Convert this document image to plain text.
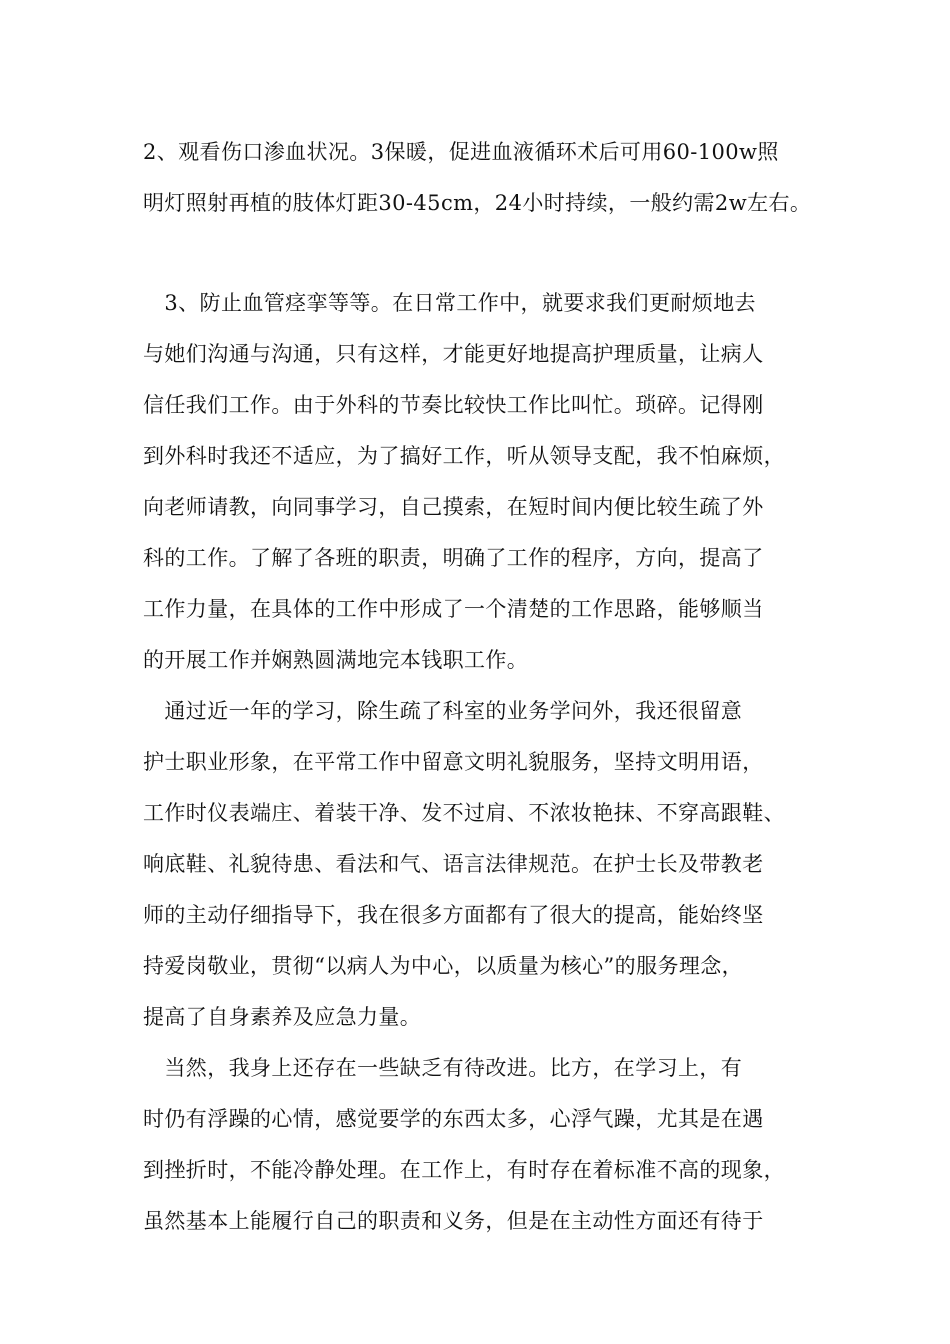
2、观看伤口渗血状况。3保暖，促进血液循环术后可用60-100w照
明灯照射再植的肢体灯距30-45cm，24小时持续，一般约需2w左右。
　3、防止血管痉挛等等。在日常工作中，就要求我们更耐烦地去
与她们沟通与沟通，只有这样，才能更好地提高护理质量，让病人
信任我们工作。由于外科的节奏比较快工作比叫忙。琐碎。记得刚
到外科时我还不适应，为了搞好工作，听从领导支配，我不怕麻烦，
向老师请教，向同事学习，自己摸索，在短时间内便比较生疏了外
科的工作。了解了各班的职责，明确了工作的程序，方向，提高了
工作力量，在具体的工作中形成了一个清楚的工作思路，能够顺当
的开展工作并娴熟圆满地完本钱职工作。
　通过近一年的学习，除生疏了科室的业务学问外，我还很留意
护士职业形象，在平常工作中留意文明礼貌服务，坚持文明用语，
工作时仪表端庄、着装干净、发不过肩、不浓妆艳抹、不穿高跟鞋、
响底鞋、礼貌待患、看法和气、语言法律规范。在护士长及带教老
师的主动仔细指导下，我在很多方面都有了很大的提高，能始终坚
持爱岗敬业，贯彻“以病人为中心，以质量为核心”的服务理念，
提高了自身素养及应急力量。
　当然，我身上还存在一些缺乏有待改进。比方，在学习上，有
时仍有浮躁的心情，感觉要学的东西太多，心浮气躁，尤其是在遇
到挫折时，不能冷静处理。在工作上，有时存在着标准不高的现象，
虽然基本上能履行自己的职责和义务，但是在主动性方面还有待于
